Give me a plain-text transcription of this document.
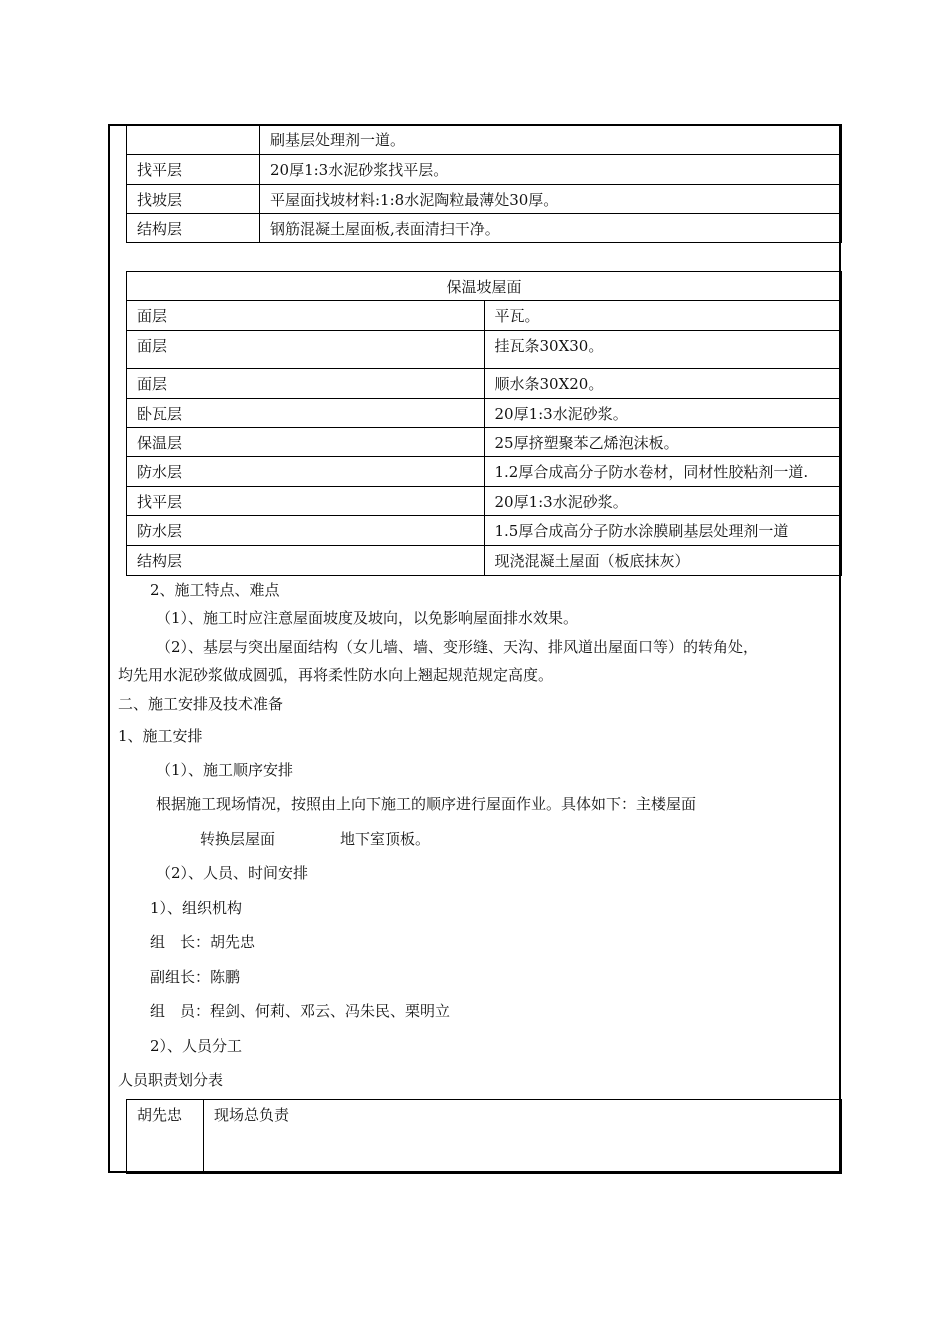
	刷基层处理剂一道。
找平层	20厚1:3水泥砂浆找平层。
找坡层	平屋面找坡材料:1:8水泥陶粒最薄处30厚。
结构层	钢筋混凝土屋面板,表面清扫干净。
保温坡屋面	
面层	平瓦。
面层	挂瓦条30X30。
面层	顺水条30X20。
卧瓦层	20厚1:3水泥砂浆。
保温层	25厚挤塑聚苯乙烯泡沫板。
防水层	1.2厚合成高分子防水卷材，同材性胶粘剂一道.
找平层	20厚1:3水泥砂浆。
防水层	1.5厚合成高分子防水涂膜刷基层处理剂一道
结构层	现浇混凝土屋面（板底抹灰）
2、施工特点、难点
（1）、施工时应注意屋面坡度及坡向，以免影响屋面排水效果。
（2）、基层与突出屋面结构（女儿墙、墙、变形缝、天沟、排风道出屋面口等）的转角处，
均先用水泥砂浆做成圆弧，再将柔性防水向上翘起规范规定高度。
二、施工安排及技术准备
1、施工安排
（1）、施工顺序安排
根据施工现场情况，按照由上向下施工的顺序进行屋面作业。具体如下：主楼屋面
转换层屋面	地下室顶板。
（2）、人员、时间安排
1）、组织机构
组　长：胡先忠
副组长：陈鹏
组　员：程剑、何莉、邓云、冯朱民、栗明立
2）、人员分工
人员职责划分表
胡先忠	现场总负责
